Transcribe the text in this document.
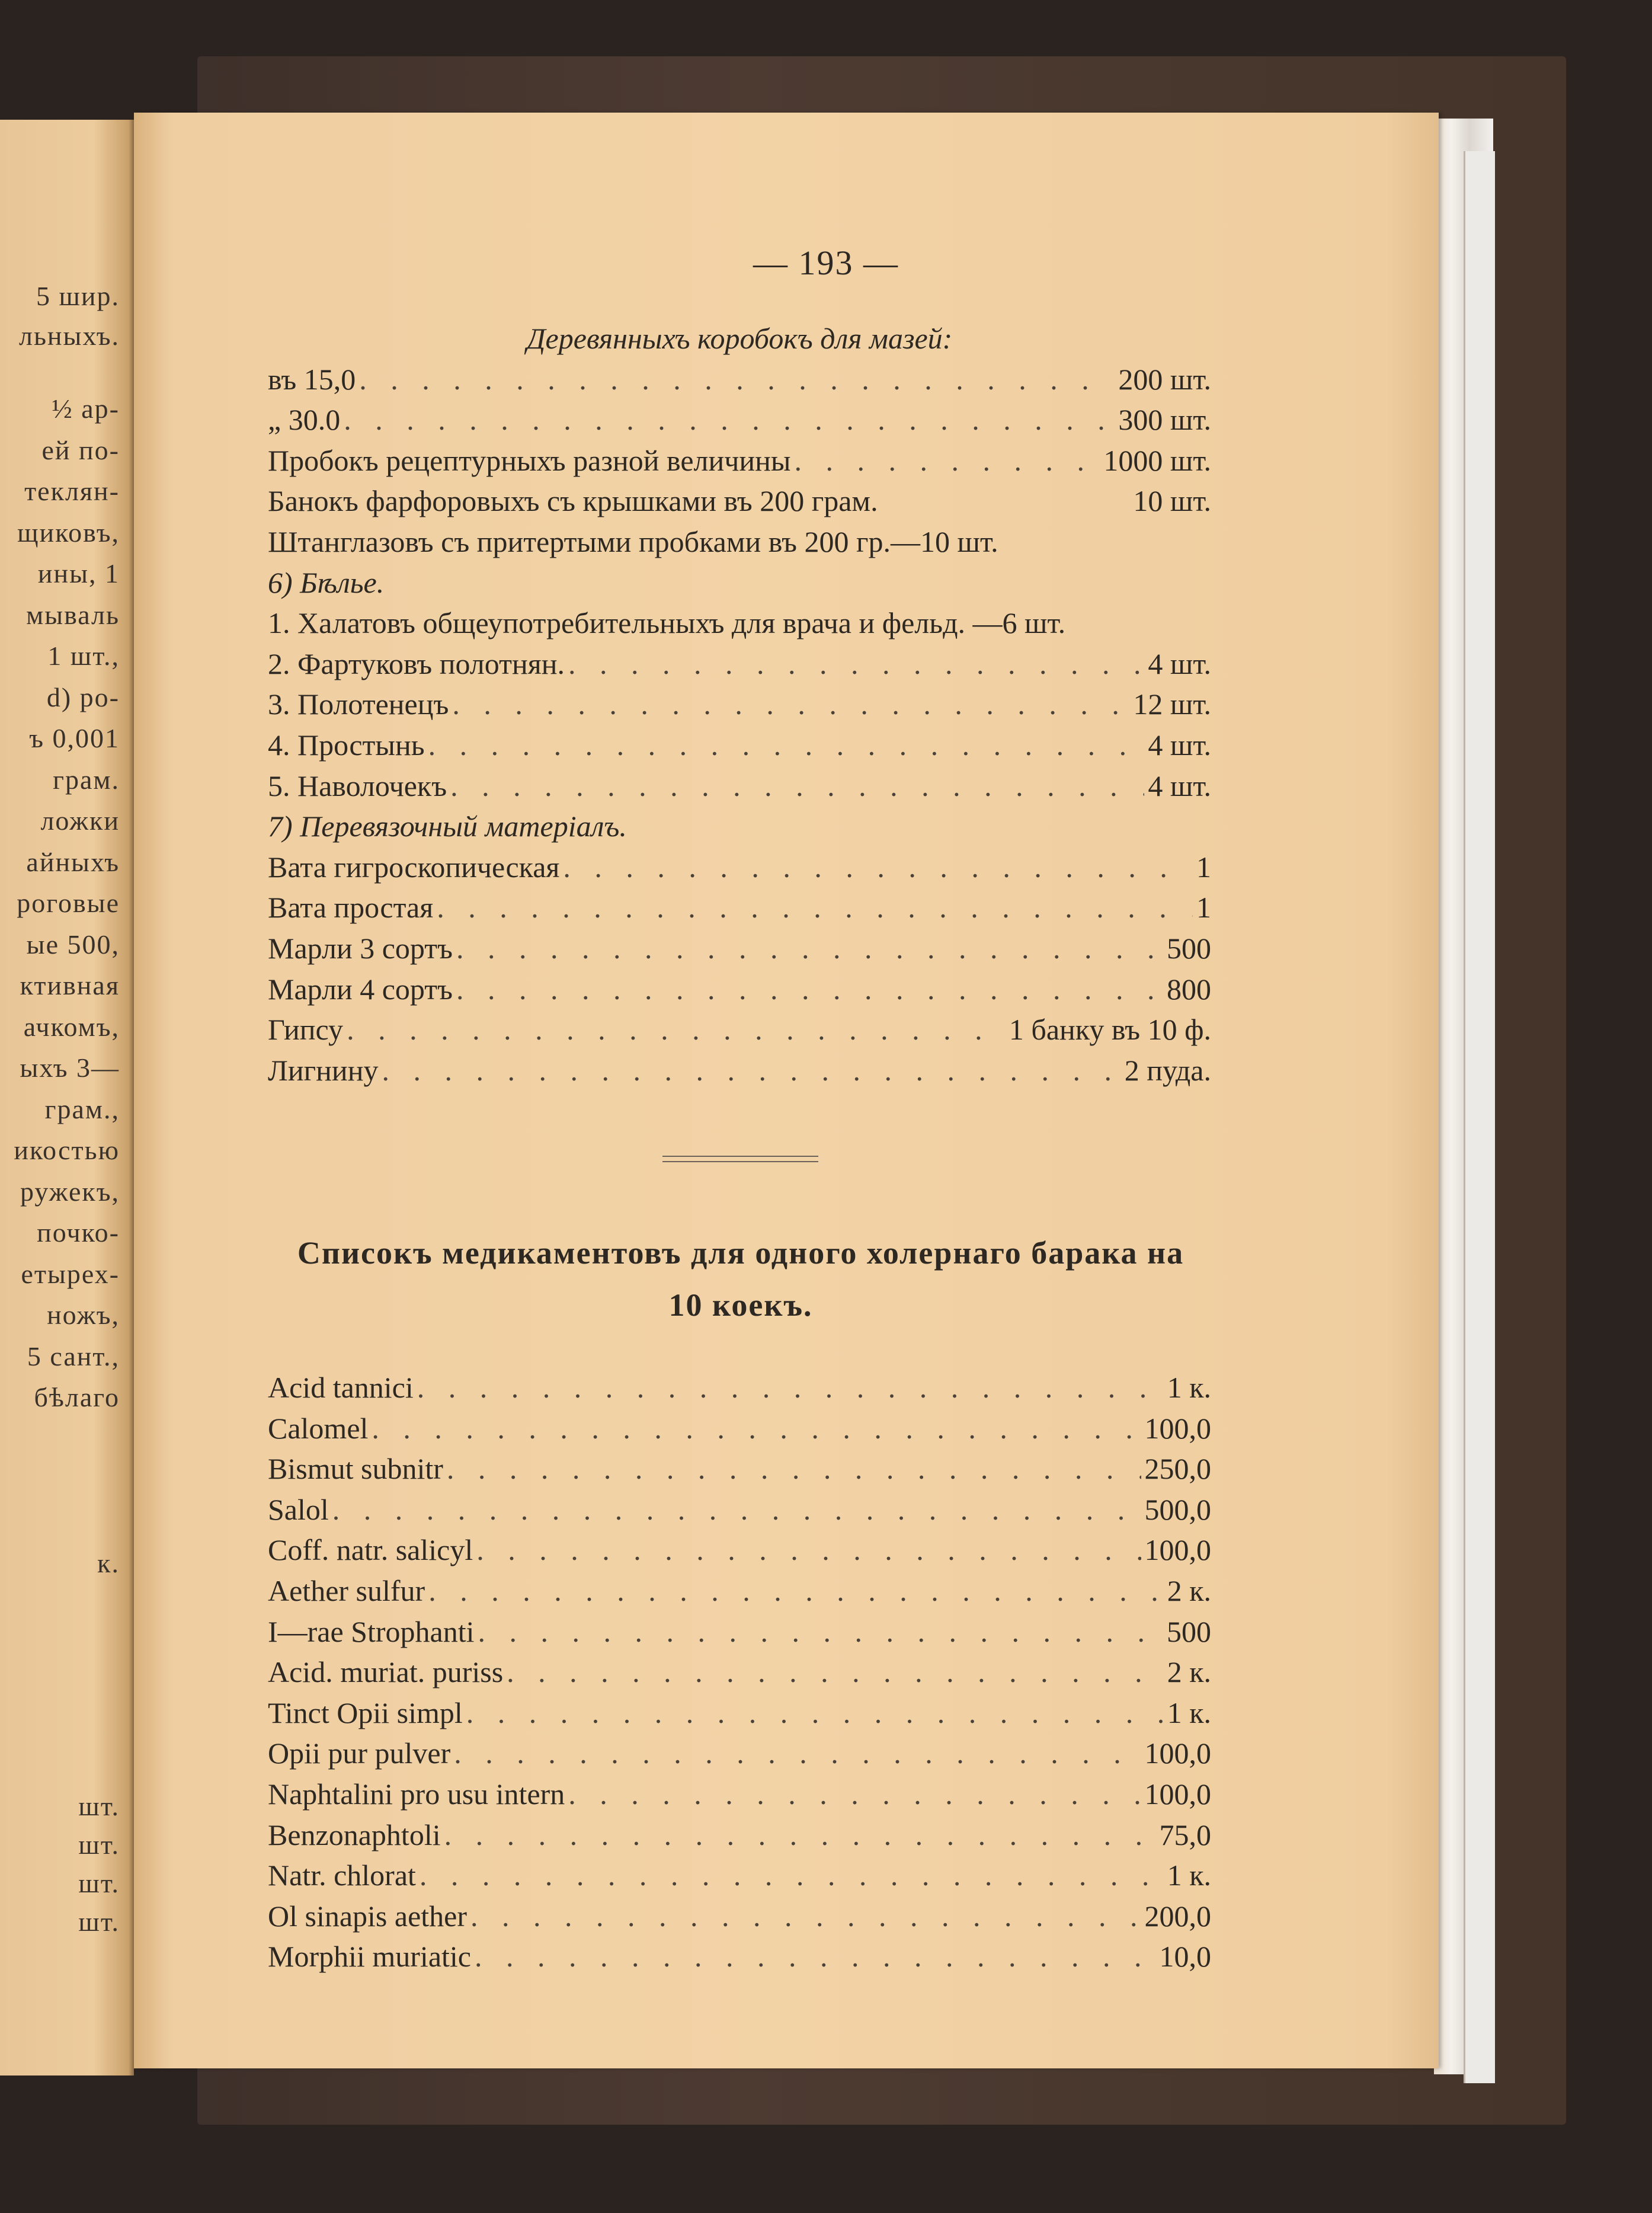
5 шир.
льныхъ.
½ ар-
ей по-
теклян-
щиковъ,
ины, 1
мываль
1 шт.,
d) ро-
ъ 0,001
грам.
ложки
айныхъ
роговые
ые 500,
ктивная
ачкомъ,
ыхъ 3—
грам.,
икостью
ружекъ,
почко-
етырех-
ножъ,
5 сант.,
бѣлаго
к.
шт.
шт.
шт.
шт.
— 193 —
Деревянныхъ коробокъ для мазей:
въ 15,0 . . .	200 шт.
„ 30.0 . . .	300 шт.
Пробокъ рецептурныхъ разной величины . . .	1000 шт.
Банокъ фарфоровыхъ съ крышками въ 200 грам.	10 шт.
Штанглазовъ съ притертыми пробками въ 200 гр.—10 шт.
6) Бѣлье.
1. Халатовъ общеупотребительныхъ для врача и фельд. —6 шт.
2. Фартуковъ полотнян. . . .	4 шт.
3. Полотенецъ . . .	12 шт.
4. Простынь . . .	4 шт.
5. Наволочекъ . . .	4 шт.
7) Перевязочный матеріалъ.
Вата гигроскопическая . . .	1
Вата простая . . .	1
Марли 3 сортъ . . .	500
Марли 4 сортъ . . .	800
Гипсу . . .	1 банку въ 10 ф.
Лигнину . . .	2 пуда.
Списокъ медикаментовъ для одного холернаго барака на
10 коекъ.
Acid tannici . . .	1 к.
Calomel . . .	100,0
Bismut subnitr . . .	250,0
Salol . . .	500,0
Coff. natr. salicyl . . .	100,0
Aether sulfur . . .	2 к.
I—rae Strophanti . . .	500
Acid. muriat. puriss . . .	2 к.
Tinct Opii simpl . . .	1 к.
Opii pur pulver . . .	100,0
Naphtalini pro usu intern . . .	100,0
Benzonaphtoli . . .	75,0
Natr. chlorat . . .	1 к.
Ol sinapis aether . . .	200,0
Morphii muriatic . . .	10,0
